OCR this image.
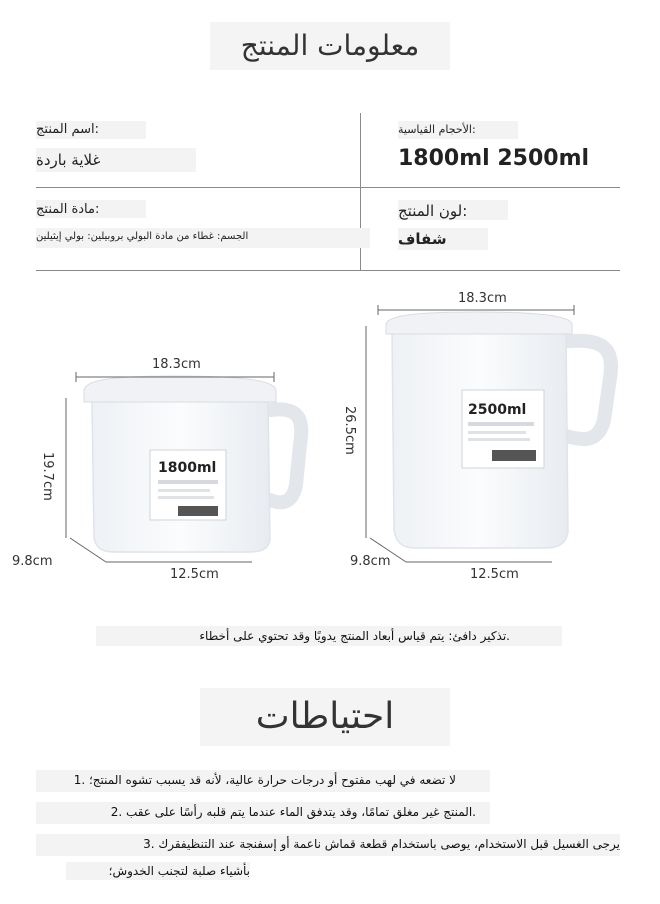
معلومات المنتج
:اسم المنتج
غلاية باردة
:الأحجام القياسية
1800ml 2500ml
:مادة المنتج
الجسم: غطاء من مادة البولي بروبيلين: بولي إيثيلين
:لون المنتج
شفاف
1800ml
18.3cm
19.7cm
9.8cm
12.5cm
2500ml
18.3cm
26.5cm
9.8cm
12.5cm
.تذكير دافئ: يتم قياس أبعاد المنتج يدويًا وقد تحتوي على أخطاء
احتياطات
لا تضعه في لهب مفتوح أو درجات حرارة عالية، لأنه قد يسبب تشوه المنتج؛ .1
.المنتج غير مغلق تمامًا، وقد يتدفق الماء عندما يتم قلبه رأسًا على عقب .2
يرجى الغسيل قبل الاستخدام، يوصى باستخدام قطعة قماش ناعمة أو إسفنجة عند التنظيفقرك .3
بأشياء صلبة لتجنب الخدوش؛
